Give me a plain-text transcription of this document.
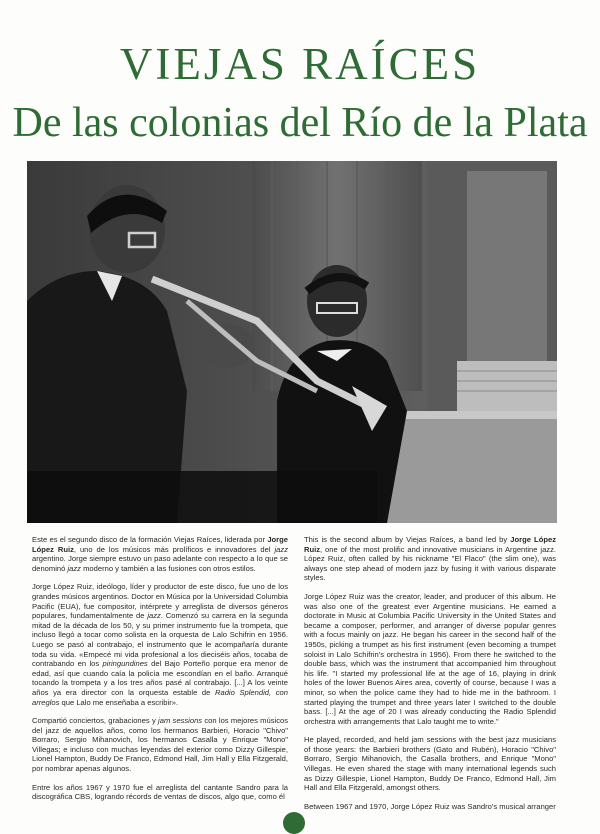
VIEJAS RAÍCES
De las colonias del Río de la Plata

Este es el segundo disco de la formación Viejas Raíces, liderada por Jorge López Ruiz, uno de los músicos más prolíficos e innovadores del jazz argentino. Jorge siempre estuvo un paso adelante con respecto a lo que se denominó jazz moderno y también a las fusiones con otros estilos.

Jorge López Ruiz, ideólogo, líder y productor de este disco, fue uno de los grandes músicos argentinos. Doctor en Música por la Universidad Columbia Pacific (EUA), fue compositor, intérprete y arreglista de diversos géneros populares, fundamentalmente de jazz. Comenzó su carrera en la segunda mitad de la década de los 50, y su primer instrumento fue la trompeta, que incluso llegó a tocar como solista en la orquesta de Lalo Schifrin en 1956. Luego se pasó al contrabajo, el instrumento que le acompañaría durante toda su vida. «Empecé mi vida profesional a los dieciséis años, tocaba de contrabando en los piringundines del Bajo Porteño porque era menor de edad, así que cuando caía la policía me escondían en el baño. Arranqué tocando la trompeta y a los tres años pasé al contrabajo. [...] A los veinte años ya era director con la orquesta estable de Radio Splendid, con arreglos que Lalo me enseñaba a escribir».

Compartió conciertos, grabaciones y jam sessions con los mejores músicos del jazz de aquellos años, como los hermanos Barbieri, Horacio "Chivo" Borraro, Sergio Mihanovich, los hermanos Casalla y Enrique "Mono" Villegas; e incluso con muchas leyendas del exterior como Dizzy Gillespie, Lionel Hampton, Buddy De Franco, Edmond Hall, Jim Hall y Ella Fitzgerald, por nombrar apenas algunos.

Entre los años 1967 y 1970 fue el arreglista del cantante Sandro para la discográfica CBS, logrando récords de ventas de discos, algo que, como él

This is the second album by Viejas Raíces, a band led by Jorge López Ruiz, one of the most prolific and innovative musicians in Argentine jazz. López Ruiz, often called by his nickname "El Flaco" (the slim one), was always one step ahead of modern jazz by fusing it with various disparate styles.

Jorge López Ruiz was the creator, leader, and producer of this album. He was also one of the greatest ever Argentine musicians. He earned a doctorate in Music at Columbia Pacific University in the United States and became a composer, performer, and arranger of diverse popular genres with a focus mainly on jazz. He began his career in the second half of the 1950s, picking a trumpet as his first instrument (even becoming a trumpet soloist in Lalo Schifrin's orchestra in 1956). From there he switched to the double bass, which was the instrument that accompanied him throughout his life. "I started my professional life at the age of 16, playing in drink holes of the lower Buenos Aires area, covertly of course, because I was a minor, so when the police came they had to hide me in the bathroom. I started playing the trumpet and three years later I switched to the double bass. [...] At the age of 20 I was already conducting the Radio Splendid orchestra with arrangements that Lalo taught me to write."

He played, recorded, and held jam sessions with the best jazz musicians of those years: the Barbieri brothers (Gato and Rubén), Horacio "Chivo" Borraro, Sergio Mihanovich, the Casalla brothers, and Enrique "Mono" Villegas. He even shared the stage with many international legends such as Dizzy Gillespie, Lionel Hampton, Buddy De Franco, Edmond Hall, Jim Hall and Ella Fitzgerald, amongst others.

Between 1967 and 1970, Jorge López Ruiz was Sandro's musical arranger
